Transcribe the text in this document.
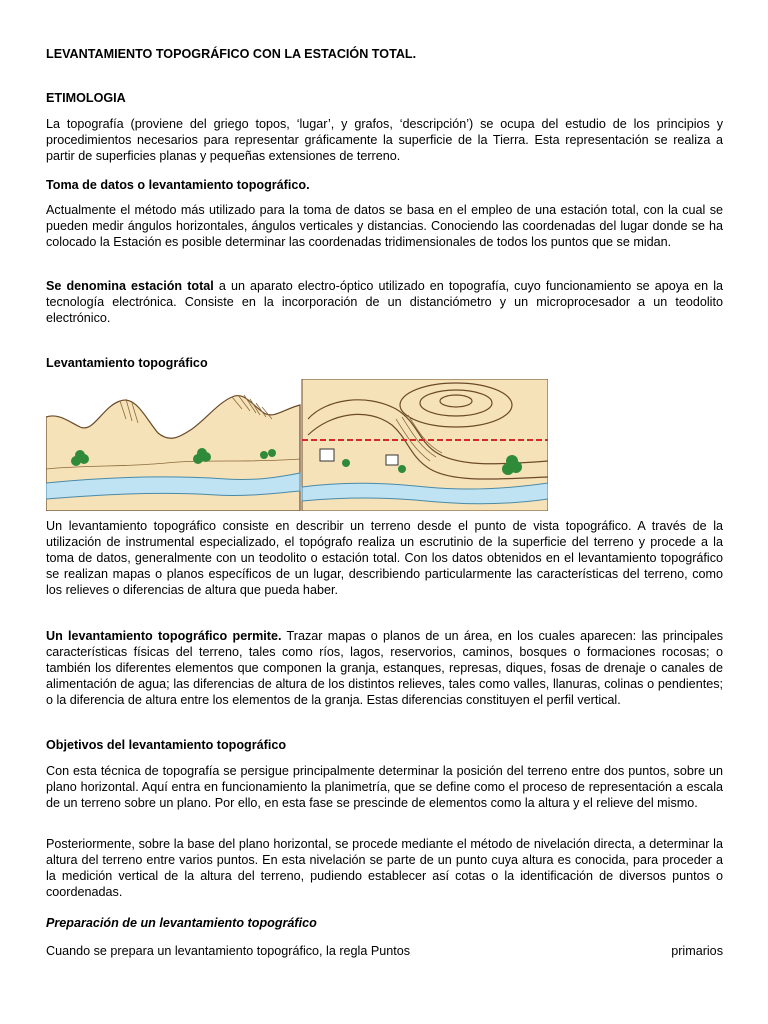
LEVANTAMIENTO TOPOGRÁFICO CON LA ESTACIÓN TOTAL.
ETIMOLOGIA

La topografía (proviene del griego topos, ‘lugar’, y grafos, ‘descripción’) se ocupa del estudio de los principios y procedimientos necesarios para representar gráficamente la superficie de la Tierra. Esta representación se realiza a partir de superficies planas y pequeñas extensiones de terreno.

Toma de datos o levantamiento topográfico.

Actualmente el método más utilizado para la toma de datos se basa en el empleo de una estación total, con la cual se pueden medir ángulos horizontales, ángulos verticales y distancias. Conociendo las coordenadas del lugar donde se ha colocado la Estación es posible determinar las coordenadas tridimensionales de todos los puntos que se midan.

Se denomina estación total a un aparato electro-óptico utilizado en topografía, cuyo funcionamiento se apoya en la tecnología electrónica. Consiste en la incorporación de un distanciómetro y un microprocesador a un teodolito electrónico.

Levantamiento topográfico

Un levantamiento topográfico consiste en describir un terreno desde el punto de vista topográfico. A través de la utilización de instrumental especializado, el topógrafo realiza un escrutinio de la superficie del terreno y procede a la toma de datos, generalmente con un teodolito o estación total. Con los datos obtenidos en el levantamiento topográfico se realizan mapas o planos específicos de un lugar, describiendo particularmente las características del terreno, como los relieves o diferencias de altura que pueda haber.

Un levantamiento topográfico permite. Trazar mapas o planos de un área, en los cuales aparecen: las principales características físicas del terreno, tales como ríos, lagos, reservorios, caminos, bosques o formaciones rocosas; o también los diferentes elementos que componen la granja, estanques, represas, diques, fosas de drenaje o canales de alimentación de agua; las diferencias de altura de los distintos relieves, tales como valles, llanuras, colinas o pendientes; o la diferencia de altura entre los elementos de la granja. Estas diferencias constituyen el perfil vertical.

Objetivos del levantamiento topográfico

Con esta técnica de topografía se persigue principalmente determinar la posición del terreno entre dos puntos, sobre un plano horizontal. Aquí entra en funcionamiento la planimetría, que se define como el proceso de representación a escala de un terreno sobre un plano. Por ello, en esta fase se prescinde de elementos como la altura y el relieve del mismo.

Posteriormente, sobre la base del plano horizontal, se procede mediante el método de nivelación directa, a determinar la altura del terreno entre varios puntos. En esta nivelación se parte de un punto cuya altura es conocida, para proceder a la medición vertical de la altura del terreno, pudiendo establecer así cotas o la identificación de diversos puntos o coordenadas.

Preparación de un levantamiento topográfico
Cuando se prepara un levantamiento topográfico, la regla Puntos	primarios
